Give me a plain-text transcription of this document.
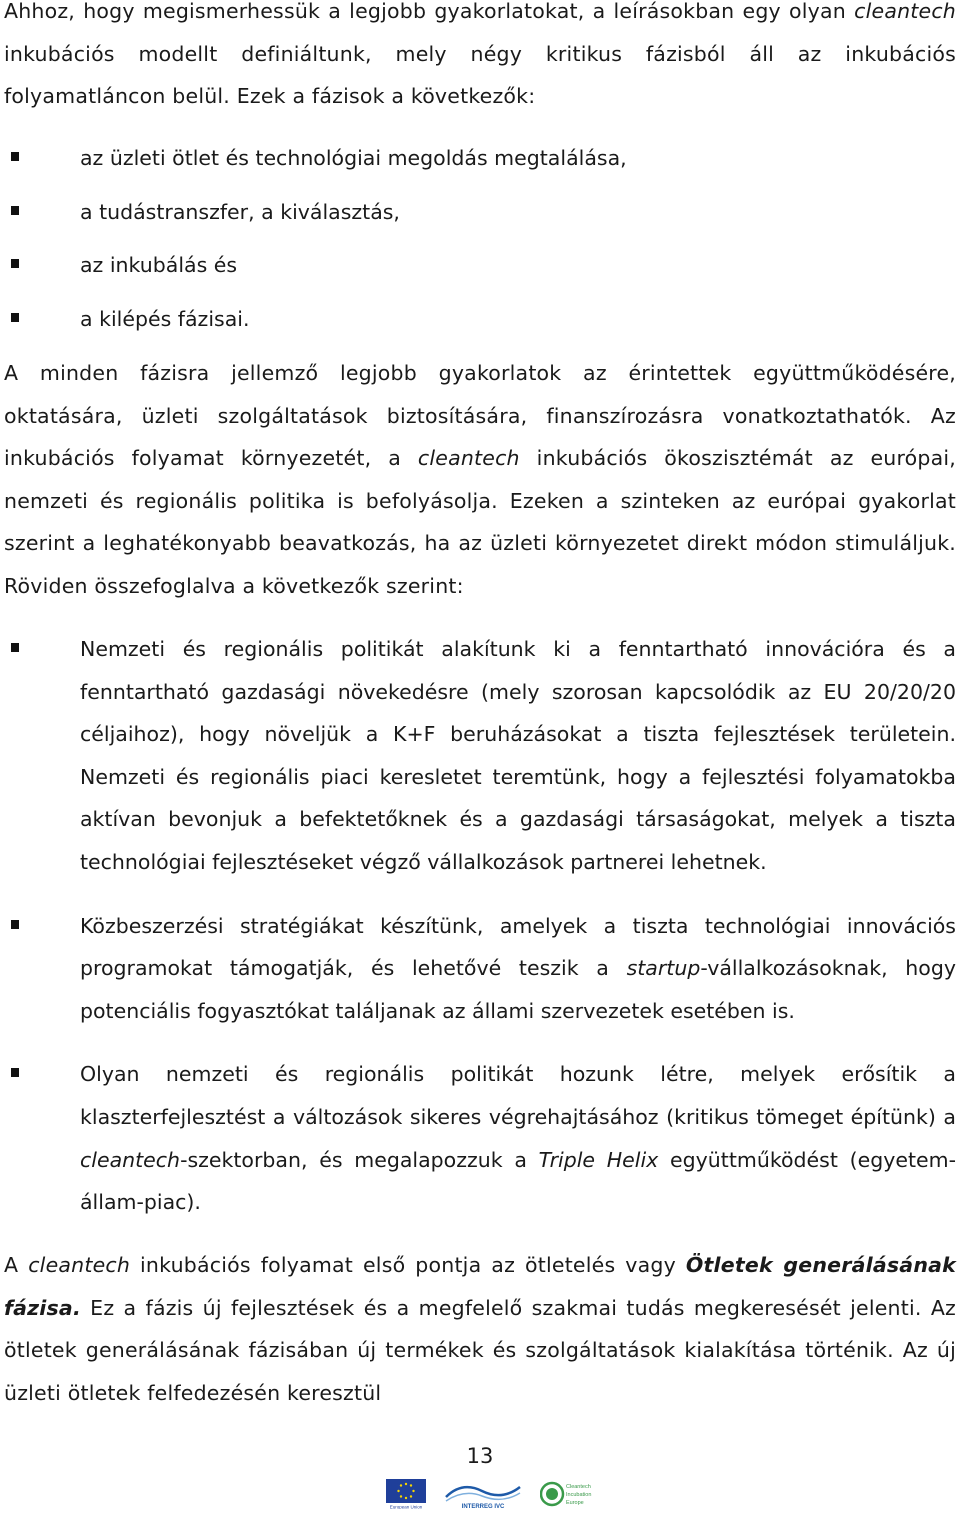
Ahhoz, hogy megismerhessük a legjobb gyakorlatokat, a leírásokban egy olyan cleantech inkubációs modellt definiáltunk, mely négy kritikus fázisból áll az inkubációs folyamatláncon belül. Ezek a fázisok a következők:
az üzleti ötlet és technológiai megoldás megtalálása,
a tudástranszfer, a kiválasztás,
az inkubálás és
a kilépés fázisai.
A minden fázisra jellemző legjobb gyakorlatok az érintettek együttműködésére, oktatására, üzleti szolgáltatások biztosítására, finanszírozásra vonatkoztathatók. Az inkubációs folyamat környezetét, a cleantech inkubációs ökoszisztémát az európai, nemzeti és regionális politika is befolyásolja. Ezeken a szinteken az európai gyakorlat szerint a leghatékonyabb beavatkozás, ha az üzleti környezetet direkt módon stimuláljuk. Röviden összefoglalva a következők szerint:
Nemzeti és regionális politikát alakítunk ki a fenntartható innovációra és a fenntartható gazdasági növekedésre (mely szorosan kapcsolódik az EU 20/20/20 céljaihoz), hogy növeljük a K+F beruházásokat a tiszta fejlesztések területein. Nemzeti és regionális piaci keresletet teremtünk, hogy a fejlesztési folyamatokba aktívan bevonjuk a befektetőknek és a gazdasági társaságokat, melyek a tiszta technológiai fejlesztéseket végző vállalkozások partnerei lehetnek.
Közbeszerzési stratégiákat készítünk, amelyek a tiszta technológiai innovációs programokat támogatják, és lehetővé teszik a startup-vállalkozásoknak, hogy potenciális fogyasztókat találjanak az állami szervezetek esetében is.
Olyan nemzeti és regionális politikát hozunk létre, melyek erősítik a klaszterfejlesztést a változások sikeres végrehajtásához (kritikus tömeget építünk) a cleantech-szektorban, és megalapozzuk a Triple Helix együttműködést (egyetem-állam-piac).
A cleantech inkubációs folyamat első pontja az ötletelés vagy Ötletek generálásának fázisa. Ez a fázis új fejlesztések és a megfelelő szakmai tudás megkeresését jelenti. Az ötletek generálásának fázisában új termékek és szolgáltatások kialakítása történik. Az új üzleti ötletek felfedezésén keresztül
13
European Union	INTERREG IVC
Cleantech
Incubation
Europe
